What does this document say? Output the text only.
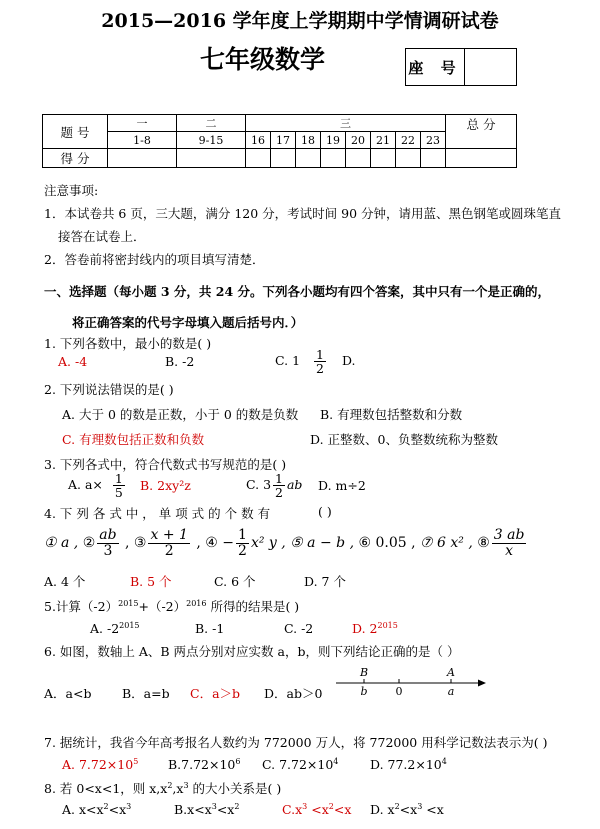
2015—2016 学年度上学期期中学情调研试卷
七年级数学	座 号
题 号	一	二	三								总 分
	1-8	9-15	16	17	18	19	20	21	22	23	
得 分											
注意事项:
1．本试卷共 6 页，三大题，满分 120 分，考试时间 90 分钟，请用蓝、黑色钢笔或圆珠笔直
接答在试卷上．
2．答卷前将密封线内的项目填写清楚．
一、选择题（每小题 3 分，共 24 分。下列各小题均有四个答案，其中只有一个是正确的，
将正确答案的代号字母填入题后括号内．）
1. 下列各数中，最小的数是( )
A. -4	B. -2	C. $1 \frac{1}{2} D$.
2. 下列说法错误的是( )
A. 大于 0 的数是正数，小于 0 的数是负数 B. 有理数包括整数和分数
C. 有理数包括正数和负数	D. 正整数、0、负整数统称为整数
3. 下列各式中，符合代数式书写规范的是( )
A. $a\times \frac{1}{5} B$. 2xy²z	C. $3 \frac{1}{2}$ ab D. m÷2
4. 下 列 各 式 中 ， 单 项 式 的 个 数 有	( )
① a , ② $\frac{ab}{3}$ , ③ $\frac{x + 1}{2}$ , ④ − $\frac{1}{2} x^2$ y , ⑤ a − b , ⑥ 0.05 , ⑦ 6 x² , ⑧ $\frac{3 ab}{x}$
A. 4 个	B. 5 个	C. 6 个	D. 7 个
5.计算$(-2)^{2015}+(-2)^{2016}$ 所得的结果是( )
A. $-2^{2015}$	B. -1	C. -2	D. $2^{2015}$
6. 如图，数轴上 A、B 两点分别对应实数 a，b，则下列结论正确的是（ ）
A．a<b B．a=b C．a＞b D．ab＞0
B
b	0
A
a
7. 据统计，我省今年高考报名人数约为 772000 万人，将 772000 用科学记数法表示为( )
A. $7.72\times 10^5$ $B.7.72\times 10^6$ C. $7.72\times 10^4$	D. $77.2\times 10^4$
8. 若 0<x<1，则 $x,x^2,x^3$ 的大小关系是( )
A. $x<x^2<x^3$	$B.x<x^3<x^2$	$C.x^3 <x^2<x$ D. $x^2<x^3 <x$
